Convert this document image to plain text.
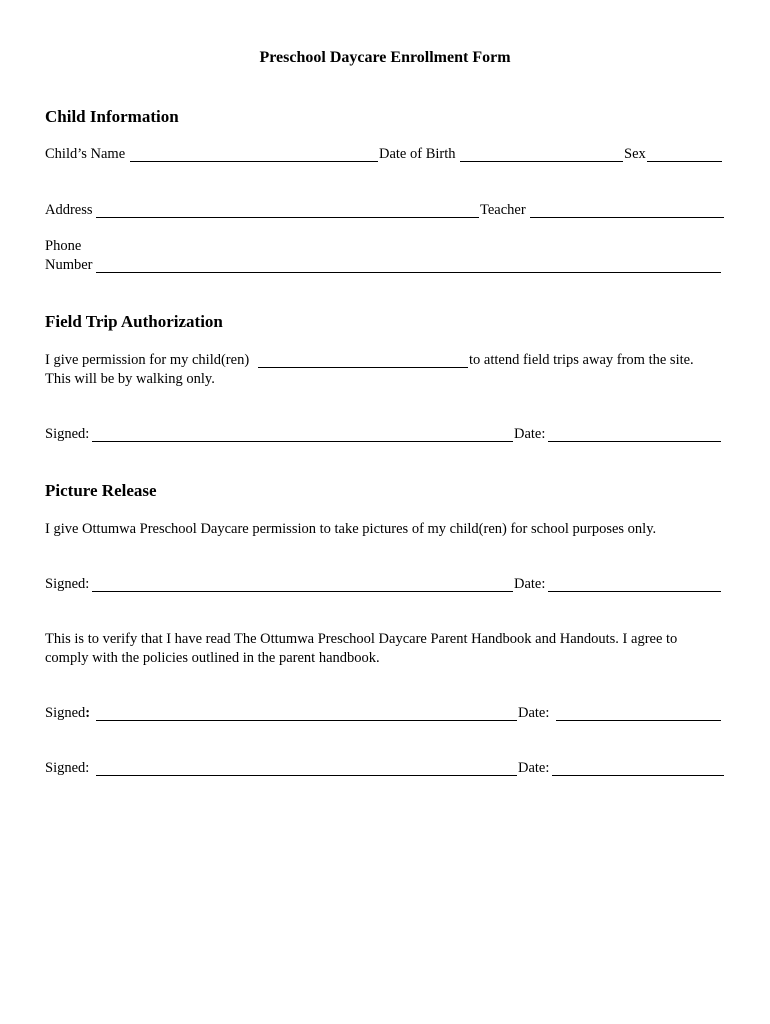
Preschool Daycare Enrollment Form
Child Information
Child’s Name	Date of Birth	Sex
Address	Teacher
Phone
Number
Field Trip Authorization
I give permission for my child(ren)	to attend field trips away from the site.
This will be by walking only.
Signed:	Date:
Picture Release
I give Ottumwa Preschool Daycare permission to take pictures of my child(ren) for school purposes only.
Signed:	Date:
This is to verify that I have read The Ottumwa Preschool Daycare Parent Handbook and Handouts. I agree to
comply with the policies outlined in the parent handbook.
Signed:	Date:
Signed:	Date:
